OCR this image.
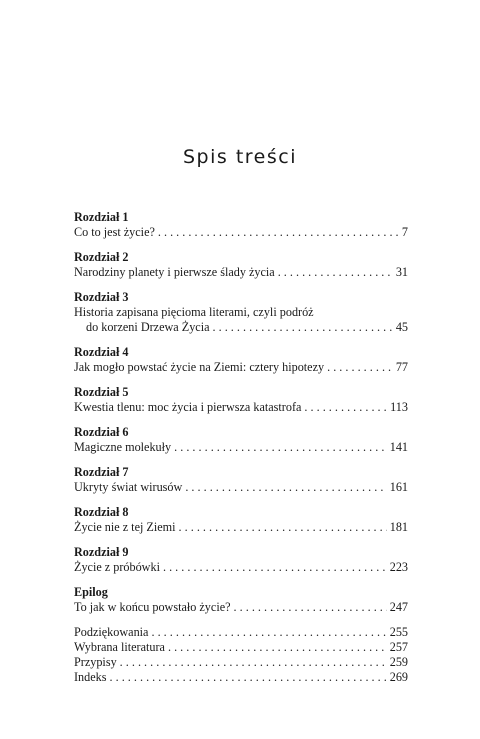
Spis treści
Rozdział 1
Co to jest życie? . . .	7
Rozdział 2
Narodziny planety i pierwsze ślady życia . . .	31
Rozdział 3
Historia zapisana pięcioma literami, czyli podróż
do korzeni Drzewa Życia . . .	45
Rozdział 4
Jak mogło powstać życie na Ziemi: cztery hipotezy . . .	77
Rozdział 5
Kwestia tlenu: moc życia i pierwsza katastrofa . . .	113
Rozdział 6
Magiczne molekuły . . .	141
Rozdział 7
Ukryty świat wirusów . . .	161
Rozdział 8
Życie nie z tej Ziemi . . .	181
Rozdział 9
Życie z próbówki . . .	223
Epilog
To jak w końcu powstało życie? . . .	247
Podziękowania . . .	255
Wybrana literatura . . .	257
Przypisy . . .	259
Indeks . . .	269
